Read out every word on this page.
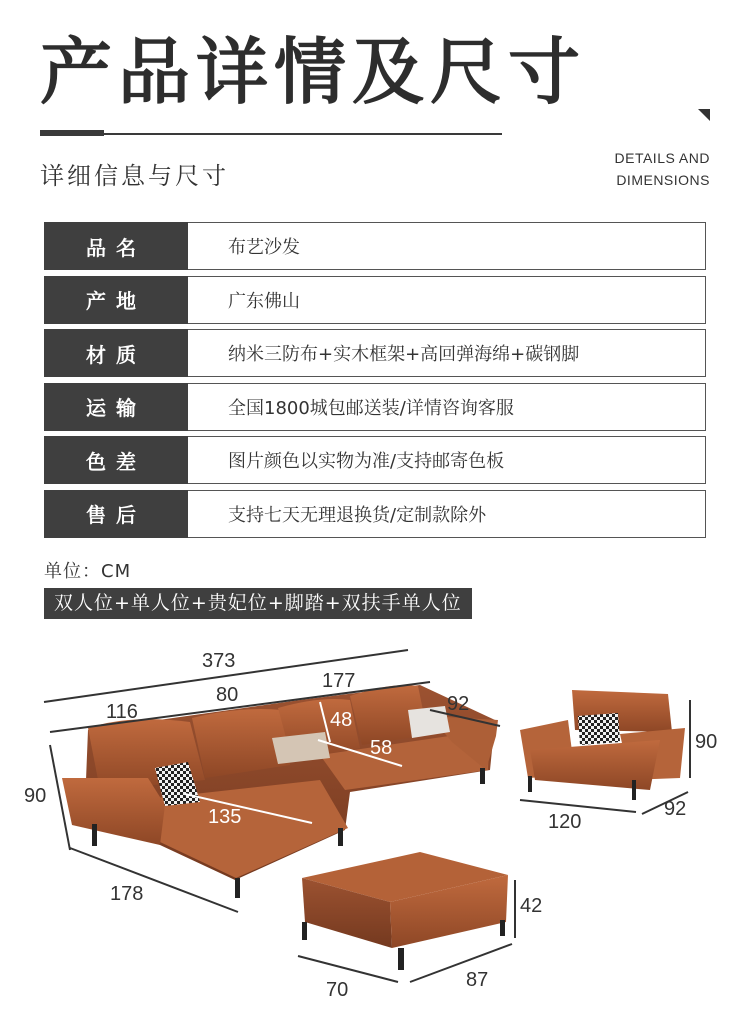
产品详情及尺寸
详细信息与尺寸
DETAILS AND
DIMENSIONS
品名	布艺沙发
产地	广东佛山
材质	纳米三防布+实木框架+高回弹海绵+碳钢脚
运输	全国1800城包邮送装/详情咨询客服
色差	图片颜色以实物为准/支持邮寄色板
售后	支持七天无理退换货/定制款除外
单位：CM
双人位+单人位+贵妃位+脚踏+双扶手单人位
373
116
80
177
92
48
58
135
90
178
90
120
92
42
70	87
